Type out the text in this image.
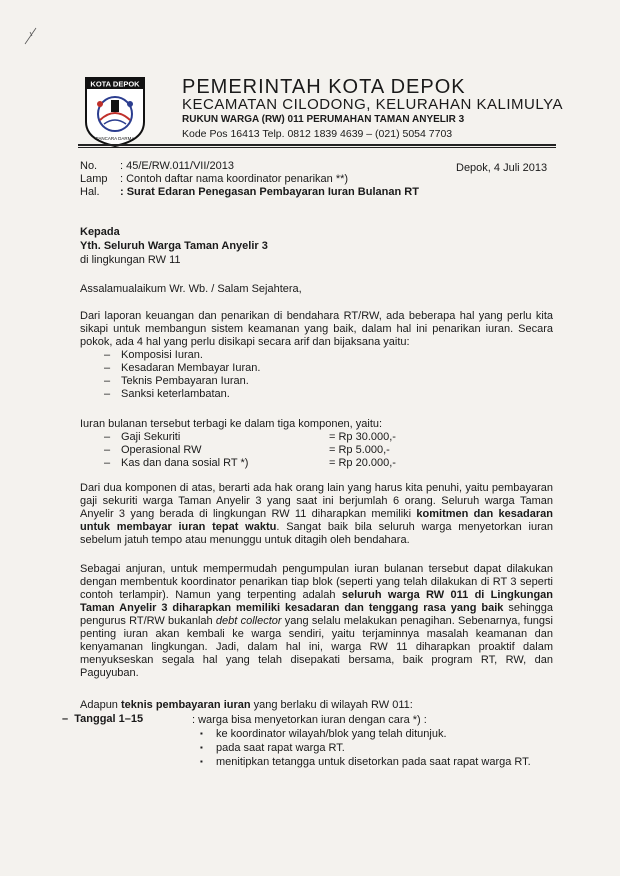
KOTA DEPOK
PANCARA DARMA
PEMERINTAH KOTA DEPOK
KECAMATAN CILODONG, KELURAHAN KALIMULYA
RUKUN WARGA (RW) 011 PERUMAHAN TAMAN ANYELIR 3
Kode Pos 16413 Telp. 0812 1839 4639 – (021) 5054 7703
No. : 45/E/RW.011/VII/2013	Depok, 4 Juli 2013
Lamp : Contoh daftar nama koordinator penarikan **)
Hal. : Surat Edaran Penegasan Pembayaran Iuran Bulanan RT
Kepada
Yth. Seluruh Warga Taman Anyelir 3
di lingkungan RW 11
Assalamualaikum Wr. Wb. / Salam Sejahtera,

Dari laporan keuangan dan penarikan di bendahara RT/RW, ada beberapa hal yang perlu kita sikapi untuk membangun sistem keamanan yang baik, dalam hal ini penarikan iuran. Secara pokok, ada 4 hal yang perlu disikapi secara arif dan bijaksana yaitu:

– Komposisi Iuran.
– Kesadaran Membayar Iuran.
– Teknis Pembayaran Iuran.
– Sanksi keterlambatan.
Iuran bulanan tersebut terbagi ke dalam tiga komponen, yaitu:
– Gaji Sekuriti	= Rp 30.000,-
– Operasional RW	= Rp 5.000,-
– Kas dan dana sosial RT *)	= Rp 20.000,-

Dari dua komponen di atas, berarti ada hak orang lain yang harus kita penuhi, yaitu pembayaran gaji sekuriti warga Taman Anyelir 3 yang saat ini berjumlah 6 orang. Seluruh warga Taman Anyelir 3 yang berada di lingkungan RW 11 diharapkan memiliki komitmen dan kesadaran untuk membayar iuran tepat waktu. Sangat baik bila seluruh warga menyetorkan iuran sebelum jatuh tempo atau menunggu untuk ditagih oleh bendahara.

Sebagai anjuran, untuk mempermudah pengumpulan iuran bulanan tersebut dapat dilakukan dengan membentuk koordinator penarikan tiap blok (seperti yang telah dilakukan di RT 3 seperti contoh terlampir). Namun yang terpenting adalah seluruh warga RW 011 di Lingkungan Taman Anyelir 3 diharapkan memiliki kesadaran dan tenggang rasa yang baik sehingga pengurus RT/RW bukanlah debt collector yang selalu melakukan penagihan. Sebenarnya, fungsi penting iuran akan kembali ke warga sendiri, yaitu terjaminnya masalah keamanan dan kenyamanan lingkungan. Jadi, dalam hal ini, warga RW 11 diharapkan proaktif dalam menyukseskan segala hal yang telah disepakati bersama, baik program RT, RW, dan Paguyuban.

Adapun teknis pembayaran iuran yang berlaku di wilayah RW 011:
–  Tanggal 1–15	: warga bisa menyetorkan iuran dengan cara *) :
▪ ke koordinator wilayah/blok yang telah ditunjuk.
▪ pada saat rapat warga RT.
▪ menitipkan tetangga untuk disetorkan pada saat rapat warga RT.
